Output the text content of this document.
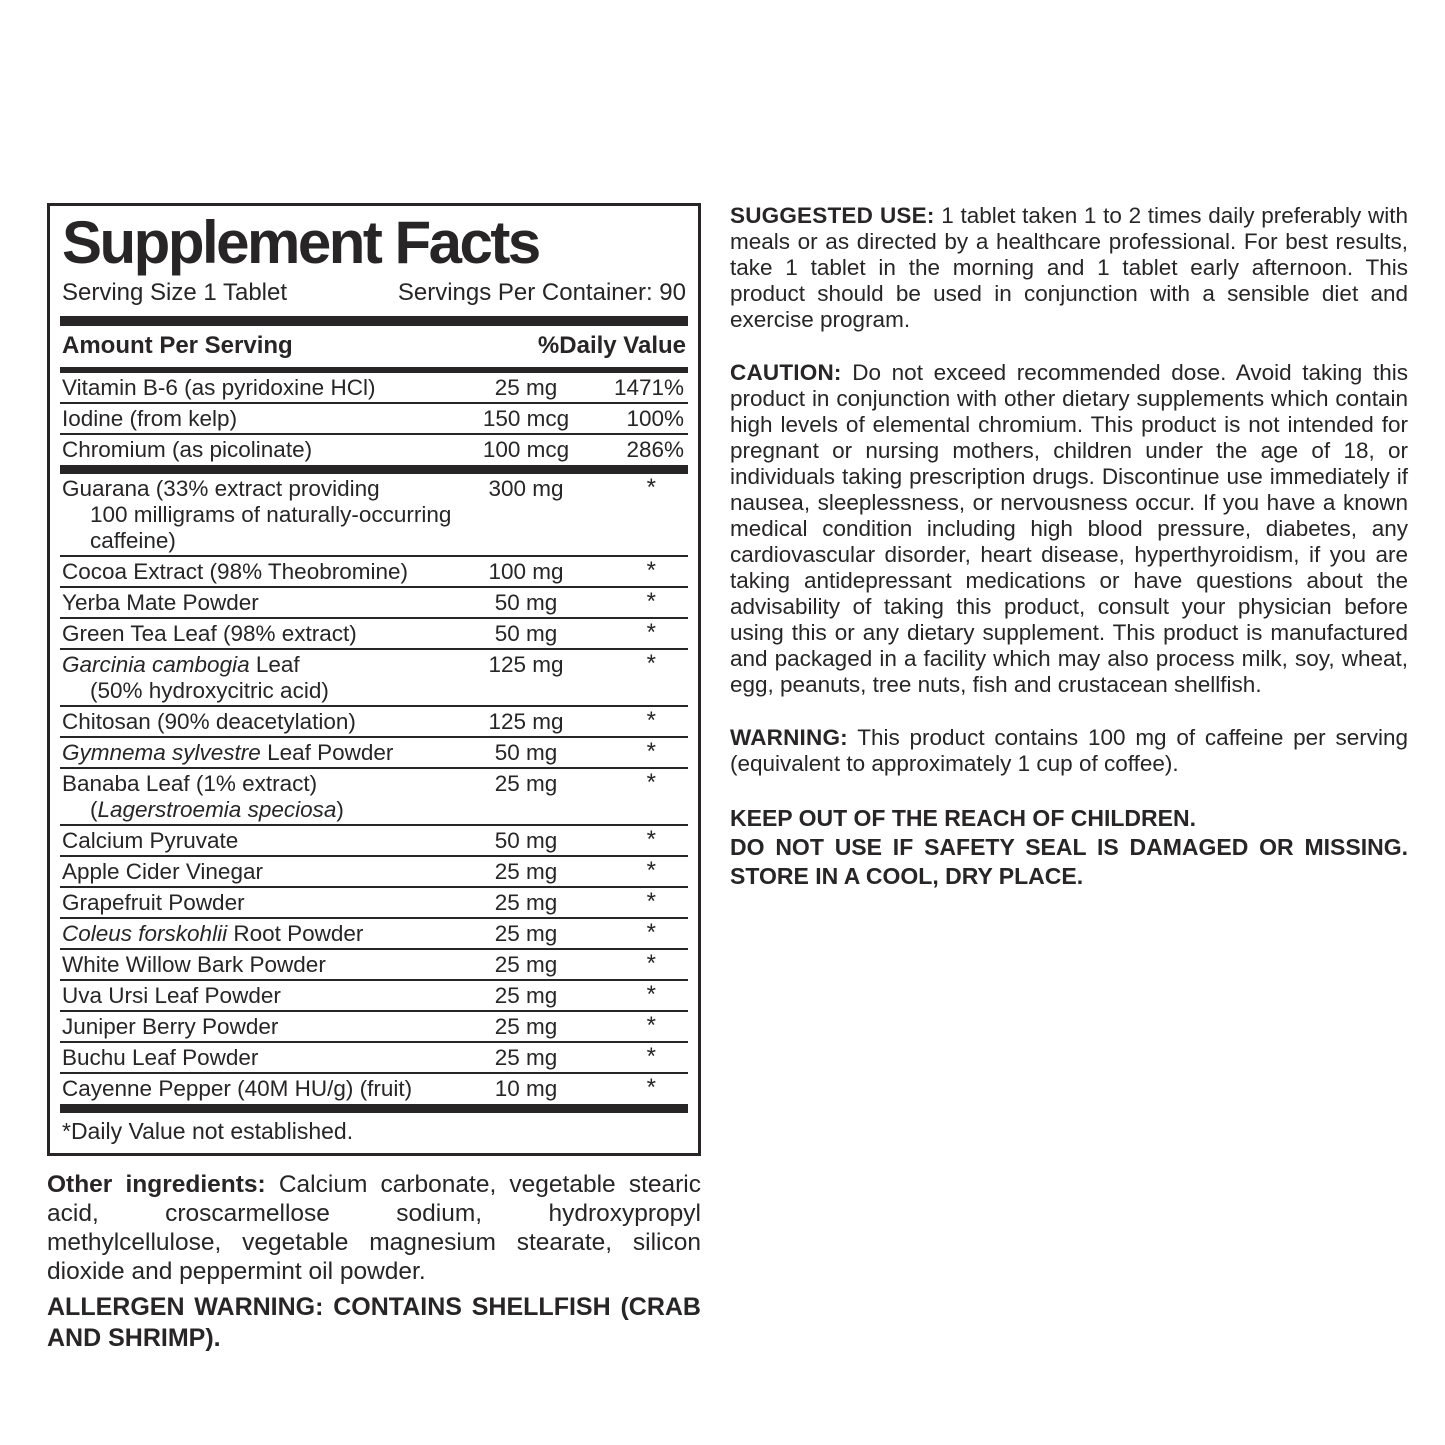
Supplement Facts
Serving Size 1 Tablet	Servings Per Container: 90
Amount Per Serving	%Daily Value
Vitamin B-6 (as pyridoxine HCl)	25 mg	1471%
Iodine (from kelp)	150 mcg	100%
Chromium (as picolinate)	100 mcg	286%
Guarana (33% extract providing
100 milligrams of naturally-occurring caffeine)
300 mg	*
Cocoa Extract (98% Theobromine)	100 mg	*
Yerba Mate Powder	50 mg	*
Green Tea Leaf (98% extract)	50 mg	*
Garcinia cambogia Leaf
(50% hydroxycitric acid)
125 mg	*
Chitosan (90% deacetylation)	125 mg	*
Gymnema sylvestre Leaf Powder	50 mg	*
Banaba Leaf (1% extract)
(Lagerstroemia speciosa)
25 mg	*
Calcium Pyruvate	50 mg	*
Apple Cider Vinegar	25 mg	*
Grapefruit Powder	25 mg	*
Coleus forskohlii Root Powder	25 mg	*
White Willow Bark Powder	25 mg	*
Uva Ursi Leaf Powder	25 mg	*
Juniper Berry Powder	25 mg	*
Buchu Leaf Powder	25 mg	*
Cayenne Pepper (40M HU/g) (fruit)	10 mg	*
*Daily Value not established.
Other ingredients: Calcium carbonate, vegetable stearic acid, croscarmellose sodium, hydroxypropyl methylcellulose, vegetable magnesium stearate, silicon dioxide and peppermint oil powder.
ALLERGEN WARNING: CONTAINS SHELLFISH (CRAB AND SHRIMP).

SUGGESTED USE: 1 tablet taken 1 to 2 times daily preferably with meals or as directed by a healthcare professional. For best results, take 1 tablet in the morning and 1 tablet early afternoon. This product should be used in conjunction with a sensible diet and exercise program.

CAUTION: Do not exceed recommended dose. Avoid taking this product in conjunction with other dietary supplements which contain high levels of elemental chromium. This product is not intended for pregnant or nursing mothers, children under the age of 18, or individuals taking prescription drugs. Discontinue use immediately if nausea, sleeplessness, or nervousness occur. If you have a known medical condition including high blood pressure, diabetes, any cardiovascular disorder, heart disease, hyperthyroidism, if you are taking antidepressant medications or have questions about the advisability of taking this product, consult your physician before using this or any dietary supplement. This product is manufactured and packaged in a facility which may also process milk, soy, wheat, egg, peanuts, tree nuts, fish and crustacean shellfish.

WARNING: This product contains 100 mg of caffeine per serving (equivalent to approximately 1 cup of coffee).

KEEP OUT OF THE REACH OF CHILDREN.

DO NOT USE IF SAFETY SEAL IS DAMAGED OR MISSING. STORE IN A COOL, DRY PLACE.
